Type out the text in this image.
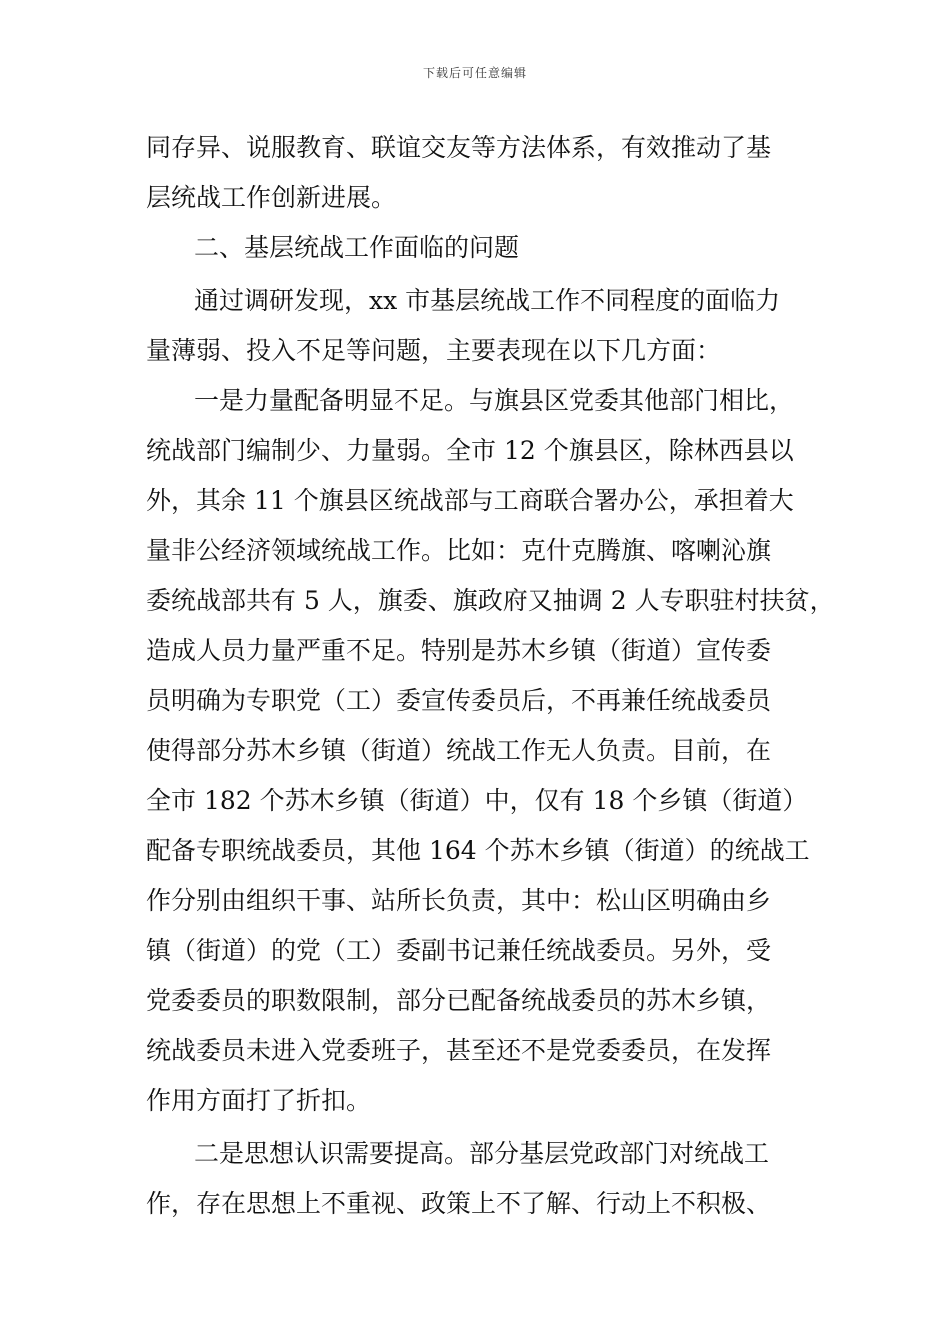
下载后可任意编辑
同存异、说服教育、联谊交友等方法体系，有效推动了基
层统战工作创新进展。
二、基层统战工作面临的问题
通过调研发现，xx 市基层统战工作不同程度的面临力
量薄弱、投入不足等问题，主要表现在以下几方面：
一是力量配备明显不足。与旗县区党委其他部门相比，
统战部门编制少、力量弱。全市 12 个旗县区，除林西县以
外，其余 11 个旗县区统战部与工商联合署办公，承担着大
量非公经济领域统战工作。比如：克什克腾旗、喀喇沁旗
委统战部共有 5 人，旗委、旗政府又抽调 2 人专职驻村扶贫，
造成人员力量严重不足。特别是苏木乡镇（街道）宣传委
员明确为专职党（工）委宣传委员后，不再兼任统战委员
使得部分苏木乡镇（街道）统战工作无人负责。目前，在
全市 182 个苏木乡镇（街道）中，仅有 18 个乡镇（街道）
配备专职统战委员，其他 164 个苏木乡镇（街道）的统战工
作分别由组织干事、站所长负责，其中：松山区明确由乡
镇（街道）的党（工）委副书记兼任统战委员。另外，受
党委委员的职数限制，部分已配备统战委员的苏木乡镇，
统战委员未进入党委班子，甚至还不是党委委员，在发挥
作用方面打了折扣。
二是思想认识需要提高。部分基层党政部门对统战工
作，存在思想上不重视、政策上不了解、行动上不积极、
